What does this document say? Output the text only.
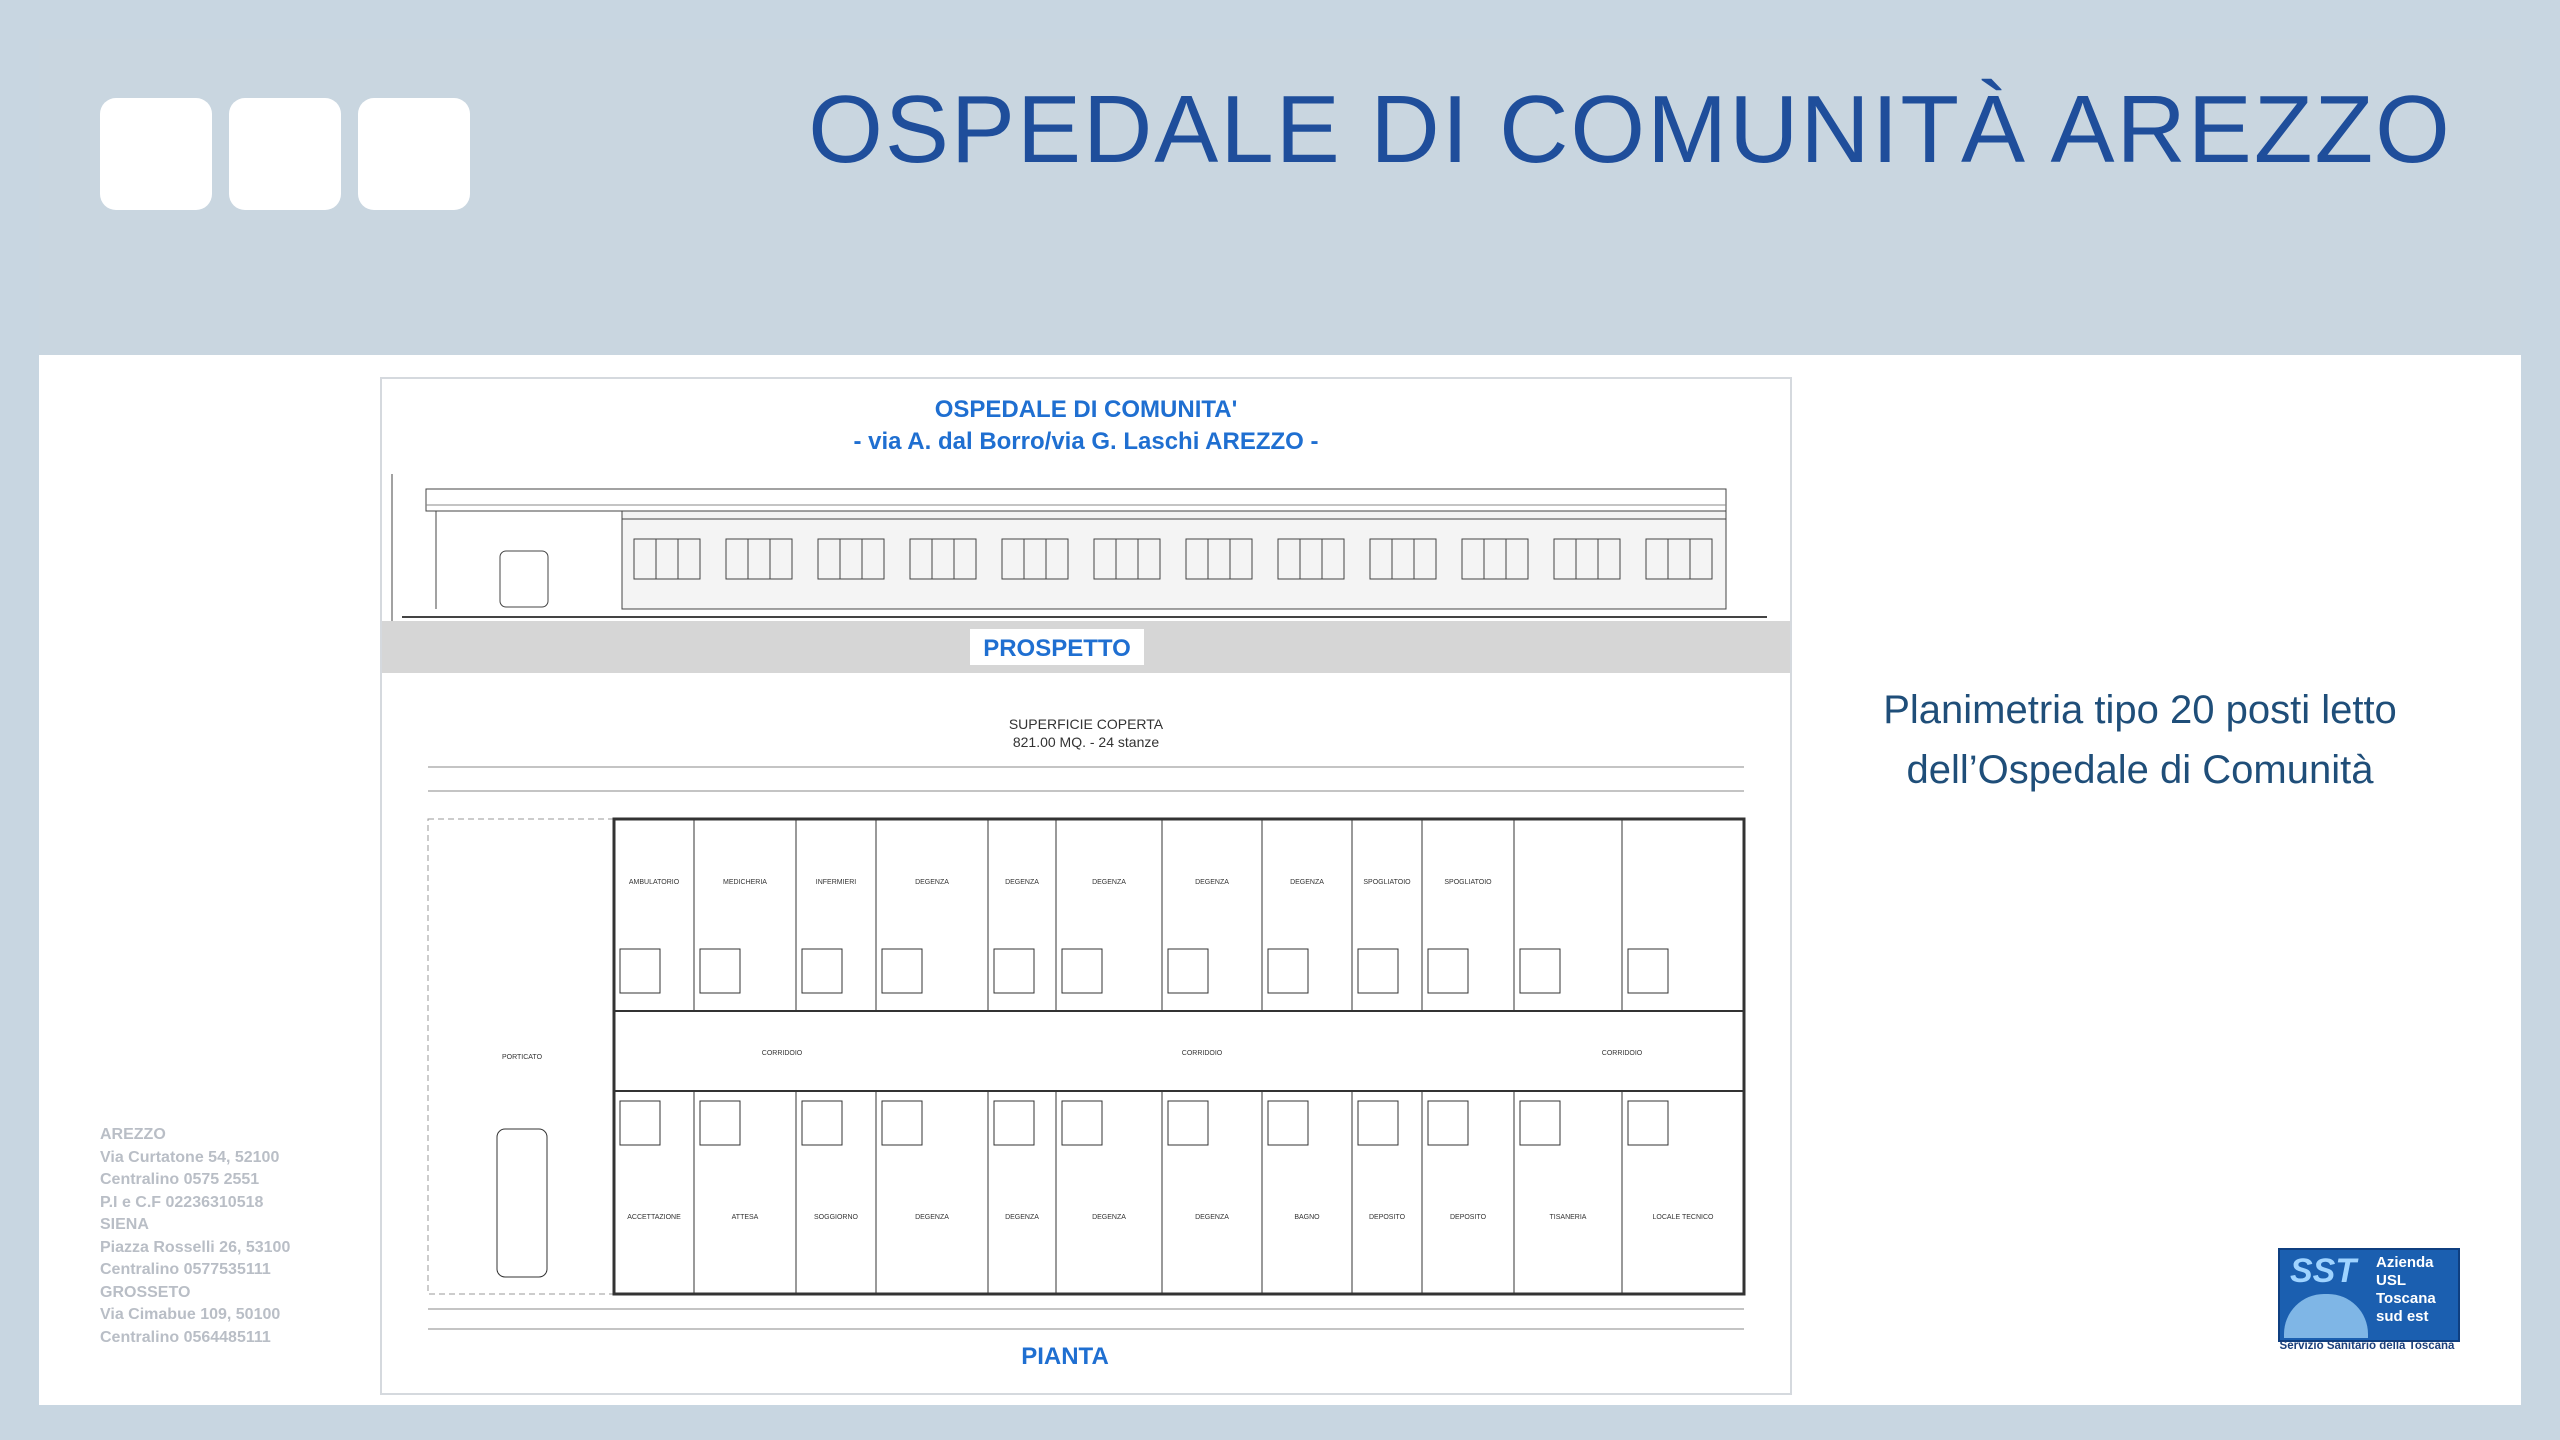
OSPEDALE DI COMUNITÀ AREZZO
OSPEDALE DI COMUNITA'
- via A. dal Borro/via G. Laschi AREZZO -
PROSPETTO
SUPERFICIE COPERTA
821.00 MQ. - 24 stanze
AMBULATORIO	MEDICHERIA	INFERMIERI	DEGENZA	DEGENZA	DEGENZA	DEGENZA	DEGENZA	SPOGLIATOIO	SPOGLIATOIO
CORRIDOIO	CORRIDOIO	CORRIDOIO
PORTICATO
ACCETTAZIONE	ATTESA	SOGGIORNO	DEGENZA	DEGENZA	DEGENZA	DEGENZA	BAGNO	DEPOSITO	DEPOSITO	TISANERIA	LOCALE TECNICO
PIANTA
Planimetria tipo 20 posti letto
dell’Ospedale di Comunità
AREZZO
Via Curtatone 54, 52100
Centralino 0575 2551
P.I e C.F 02236310518
SIENA
Piazza Rosselli 26, 53100
Centralino 0577535111
GROSSETO
Via Cimabue 109, 50100
Centralino 0564485111
SST Azienda
USL
Toscana
sud est
Servizio Sanitario della Toscana
